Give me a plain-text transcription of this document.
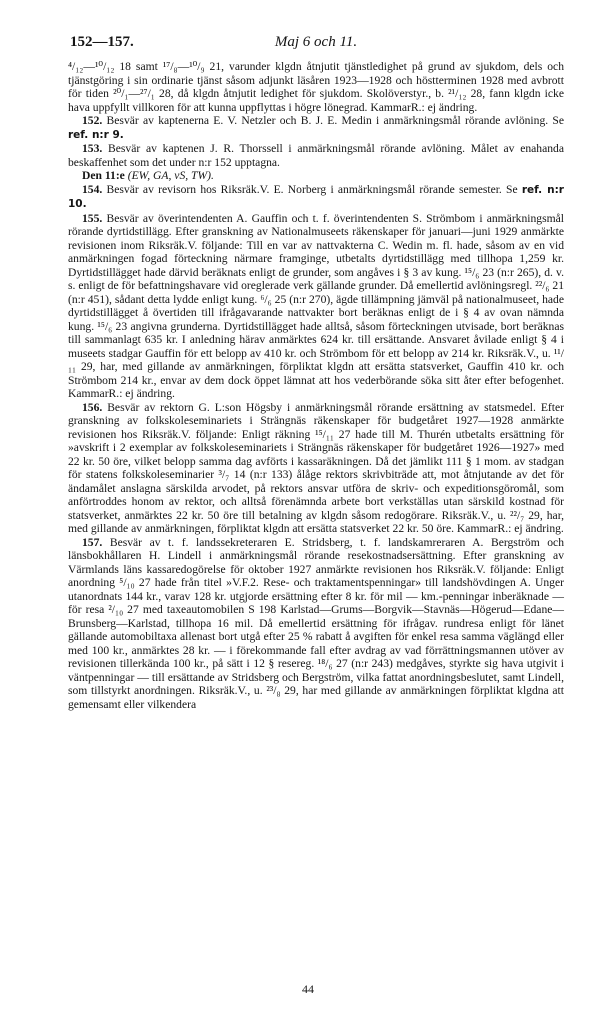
152—157.	Maj 6 och 11.

⁴/₁₂—¹⁰/₁₂ 18 samt ¹⁷/₈—¹⁰/₉ 21, varunder klgdn åtnjutit tjänstledighet på grund av sjukdom, dels och tjänstgöring i sin ordinarie tjänst såsom adjunkt läsåren 1923—1928 och höstterminen 1928 med avbrott för tiden ²⁰/₁—²⁷/₁ 28, då klgdn åtnjutit ledighet för sjukdom. Skolöverstyr., b. ²¹/₁₂ 28, fann klgdn icke hava uppfyllt villkoren för att kunna uppflyttas i högre lönegrad. KammarR.: ej ändring.

152. Besvär av kaptenerna E. V. Netzler och B. J. E. Medin i anmärkningsmål rörande avlöning. Se ref. n:r 9.

153. Besvär av kaptenen J. R. Thorssell i anmärkningsmål rörande avlöning. Målet av enahanda beskaffenhet som det under n:r 152 upptagna.

Den 11:e (EW, GA, vS, TW).

154. Besvär av revisorn hos Riksräk.V. E. Norberg i anmärkningsmål rörande semester. Se ref. n:r 10.

155. Besvär av överintendenten A. Gauffin och t. f. överintendenten S. Strömbom i anmärkningsmål rörande dyrtidstillägg. Efter granskning av Nationalmuseets räkenskaper för januari—juni 1929 anmärkte revisionen inom Riksräk.V. följande: Till en var av nattvakterna C. Wedin m. fl. hade, såsom av en vid anmärkningen fogad förteckning närmare framginge, utbetalts dyrtidstillägg med tillhopa 1,259 kr. Dyrtidstillägget hade därvid beräknats enligt de grunder, som angåves i § 3 av kung. ¹⁵/₆ 23 (n:r 265), d. v. s. enligt de för befattningshavare vid oreglerade verk gällande grunder. Då emellertid avlöningsregl. ²²/₆ 21 (n:r 451), sådant detta lydde enligt kung. ⁶/₆ 25 (n:r 270), ägde tillämpning jämväl på nationalmuseet, hade dyrtidstillägget å övertiden till ifrågavarande nattvakter bort beräknas enligt de i § 4 av ovan nämnda kung. ¹⁵/₆ 23 angivna grunderna. Dyrtidstillägget hade alltså, såsom förteckningen utvisade, bort beräknas till sammanlagt 635 kr. I anledning härav anmärktes 624 kr. till ersättande. Ansvaret åvilade enligt § 4 i museets stadgar Gauffin för ett belopp av 410 kr. och Strömbom för ett belopp av 214 kr. Riksräk.V., u. ¹¹/₁₁ 29, har, med gillande av anmärkningen, förpliktat klgdn att ersätta statsverket, Gauffin 410 kr. och Strömbom 214 kr., envar av dem dock öppet lämnat att hos vederbörande söka sitt åter efter befogenhet. KammarR.: ej ändring.

156. Besvär av rektorn G. L:son Högsby i anmärkningsmål rörande ersättning av statsmedel. Efter granskning av folkskoleseminariets i Strängnäs räkenskaper för budgetåret 1927—1928 anmärkte revisionen hos Riksräk.V. följande: Enligt räkning ¹⁵/₁₁ 27 hade till M. Thurén utbetalts ersättning för »avskrift i 2 exemplar av folkskoleseminariets i Strängnäs räkenskaper för budgetåret 1926—1927» med 22 kr. 50 öre, vilket belopp samma dag avförts i kassaräkningen. Då det jämlikt 111 § 1 mom. av stadgan för statens folkskoleseminarier ³/₇ 14 (n:r 133) ålåge rektors skrivbiträde att, mot åtnjutande av det för ändamålet anslagna särskilda arvodet, på rektors ansvar utföra de skriv- och expeditionsgöromål, som anförtroddes honom av rektor, och alltså förenämnda arbete bort verkställas utan särskild kostnad för statsverket, anmärktes 22 kr. 50 öre till betalning av klgdn såsom redogörare. Riksräk.V., u. ²²/₇ 29, har, med gillande av anmärkningen, förpliktat klgdn att ersätta statsverket 22 kr. 50 öre. KammarR.: ej ändring.

157. Besvär av t. f. landssekreteraren E. Stridsberg, t. f. landskamreraren A. Bergström och länsbokhållaren H. Lindell i anmärkningsmål rörande resekostnadsersättning. Efter granskning av Värmlands läns kassaredogörelse för oktober 1927 anmärkte revisionen hos Riksräk.V. följande: Enligt anordning ⁵/₁₀ 27 hade från titel »V.F.2. Rese- och traktamentspenningar» till landshövdingen A. Unger utanordnats 144 kr., varav 128 kr. utgjorde ersättning efter 8 kr. för mil — km.-penningar inberäknade — för resa ²/₁₀ 27 med taxeautomobilen S 198 Karlstad—Grums—Borgvik—Stavnäs—Högerud—Edane—Brunsberg—Karlstad, tillhopa 16 mil. Då emellertid ersättning för ifrågav. rundresa enligt för länet gällande automobiltaxa allenast bort utgå efter 25 % rabatt å avgiften för enkel resa samma väglängd eller med 100 kr., anmärktes 28 kr. — i förekommande fall efter avdrag av vad förrättningsmannen utöver av revisionen tillerkända 100 kr., på sätt i 12 § resereg. ¹⁸/₆ 27 (n:r 243) medgåves, styrkte sig hava utgivit i väntpenningar — till ersättande av Stridsberg och Bergström, vilka fattat anordningsbeslutet, samt Lindell, som tillstyrkt anordningen. Riksräk.V., u. ²³/₈ 29, har med gillande av anmärkningen förpliktat klgdna att gemensamt eller vilkendera

44
